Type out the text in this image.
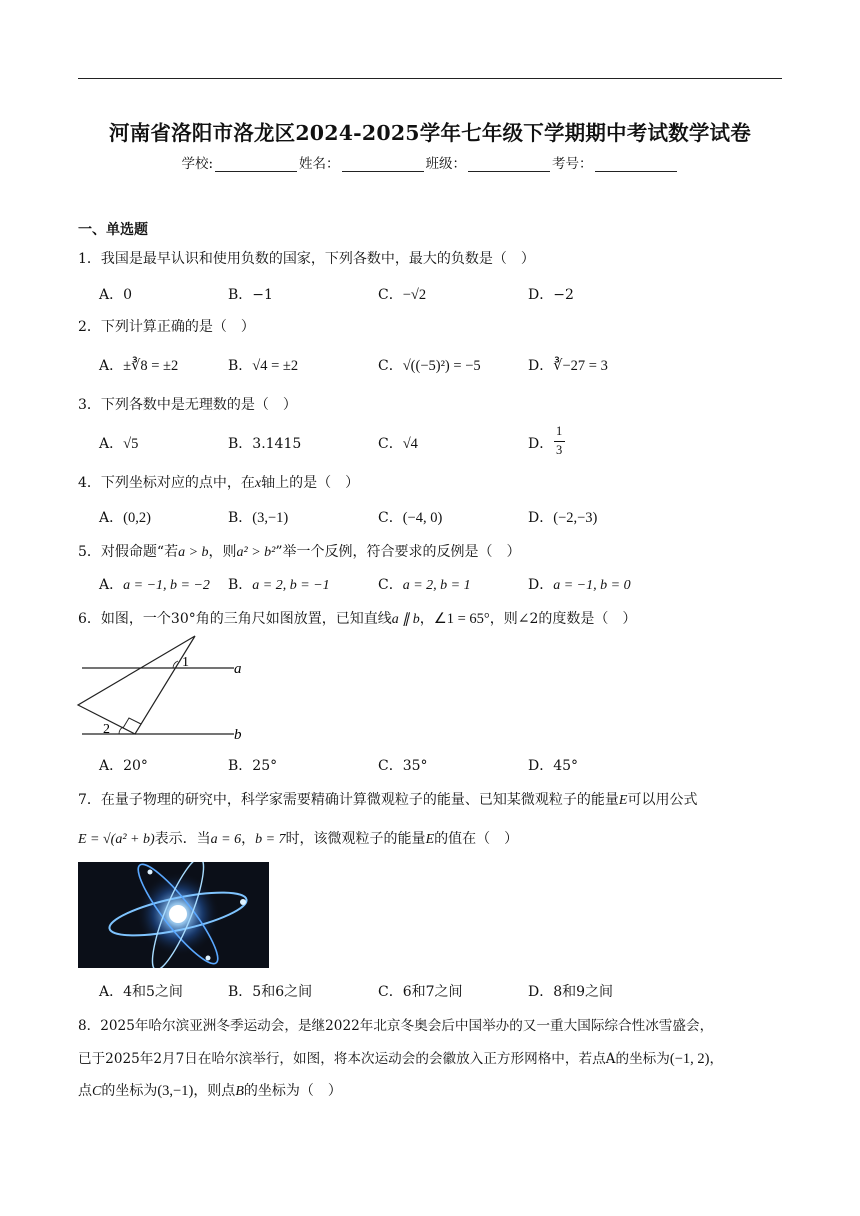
河南省洛阳市洛龙区2024-2025学年七年级下学期期中考试数学试卷
学校:	姓名：	班级：	考号：
一、单选题
1．我国是最早认识和使用负数的国家，下列各数中，最大的负数是（　）
A．0	B．−1	C．−√2	D．−2
2．下列计算正确的是（　）
A．±∛8 = ±2	B．√4 = ±2	C．√((−5)²) = −5	D．∛−27 = 3
3．下列各数中是无理数的是（　）
A．√5	B．3.1415	C．√4	D．
1
3
4．下列坐标对应的点中，在x轴上的是（　）
A．(0,2)	B．(3,−1)	C．(−4, 0)	D．(−2,−3)
5．对假命题“若a > b，则a² > b²”举一个反例，符合要求的反例是（　）
A．a = −1, b = −2 B．a = 2, b = −1	C．a = 2, b = 1	D．a = −1, b = 0
6．如图，一个30°角的三角尺如图放置，已知直线a ∥ b，∠1 = 65°，则∠2的度数是（　）
1
2
a
b
A．20°	B．25°	C．35°	D．45°
7．在量子物理的研究中，科学家需要精确计算微观粒子的能量、已知某微观粒子的能量E可以用公式
E = √(a² + b)表示．当a = 6，b = 7时，该微观粒子的能量E的值在（　）
A．4和5之间	B．5和6之间	C．6和7之间	D．8和9之间
8．2025年哈尔滨亚洲冬季运动会，是继2022年北京冬奥会后中国举办的又一重大国际综合性冰雪盛会，
已于2025年2月7日在哈尔滨举行，如图，将本次运动会的会徽放入正方形网格中，若点A的坐标为(−1, 2)，
点C的坐标为(3,−1)，则点B的坐标为（　）
